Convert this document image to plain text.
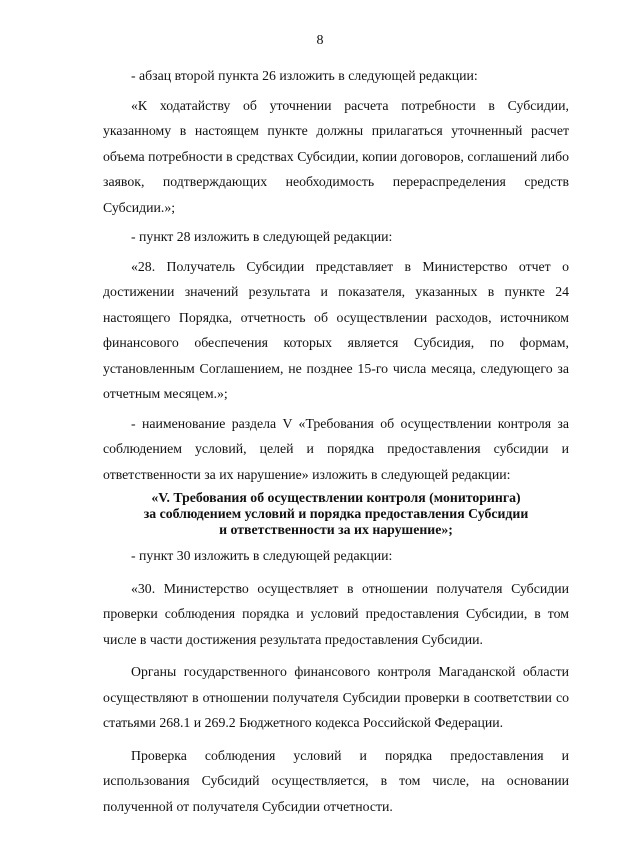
8

- абзац второй пункта 26 изложить в следующей редакции:

«К ходатайству об уточнении расчета потребности в Субсидии, указанному в настоящем пункте должны прилагаться уточненный расчет объема потребности в средствах Субсидии, копии договоров, соглашений либо заявок, подтверждающих необходимость перераспределения средств Субсидии.»;

- пункт 28 изложить в следующей редакции:

«28. Получатель Субсидии представляет в Министерство отчет о достижении значений результата и показателя, указанных в пункте 24 настоящего Порядка, отчетность об осуществлении расходов, источником финансового обеспечения которых является Субсидия, по формам, установленным Соглашением, не позднее 15-го числа месяца, следующего за отчетным месяцем.»;

- наименование раздела V «Требования об осуществлении контроля за соблюдением условий, целей и порядка предоставления субсидии и ответственности за их нарушение» изложить в следующей редакции:

«V. Требования об осуществлении контроля (мониторинга)
за соблюдением условий и порядка предоставления Субсидии
и ответственности за их нарушение»;

- пункт 30 изложить в следующей редакции:

«30. Министерство осуществляет в отношении получателя Субсидии проверки соблюдения порядка и условий предоставления Субсидии, в том числе в части достижения результата предоставления Субсидии.

Органы государственного финансового контроля Магаданской области осуществляют в отношении получателя Субсидии проверки в соответствии со статьями 268.1 и 269.2 Бюджетного кодекса Российской Федерации.

Проверка соблюдения условий и порядка предоставления и использования Субсидий осуществляется, в том числе, на основании полученной от получателя Субсидии отчетности.
